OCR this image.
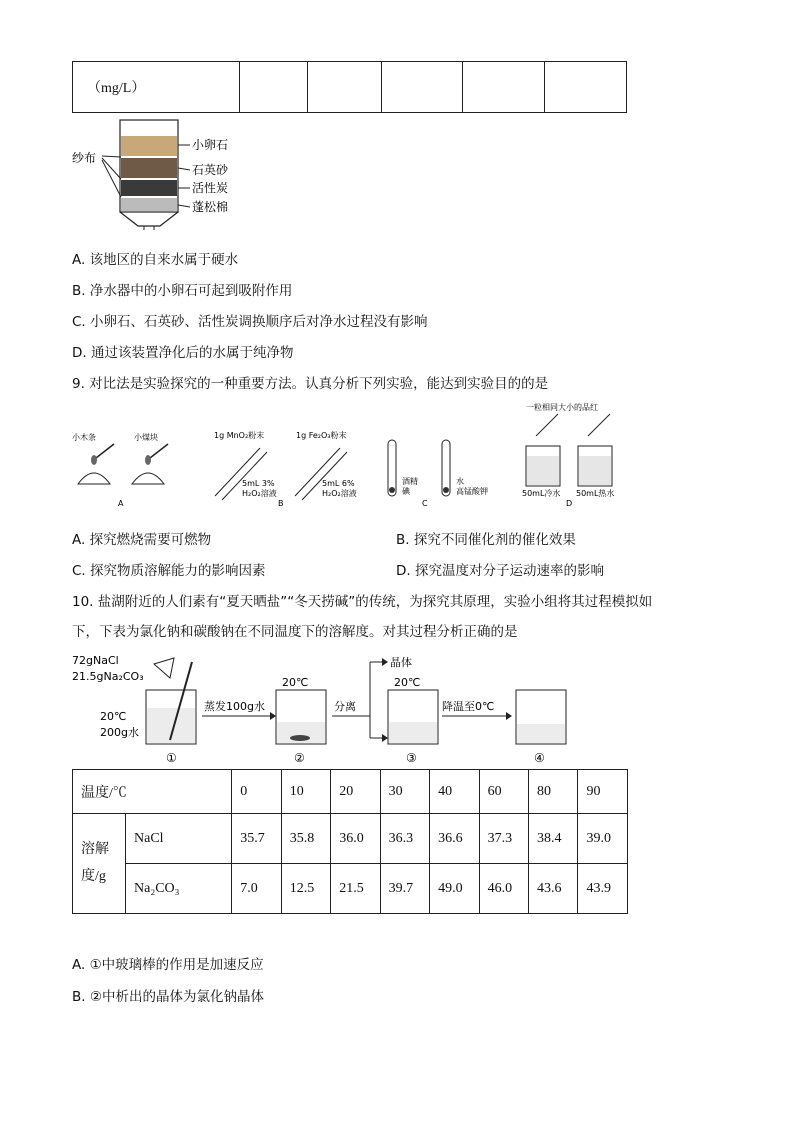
（mg/L）					
小卵石
石英砂
活性炭
蓬松棉
纱布
A. 该地区的自来水属于硬水
B. 净水器中的小卵石可起到吸附作用
C. 小卵石、石英砂、活性炭调换顺序后对净水过程没有影响
D. 通过该装置净化后的水属于纯净物
9. 对比法是实验探究的一种重要方法。认真分析下列实验，能达到实验目的的是
小木条	小煤块
A
1g MnO₂粉末	1g Fe₂O₃粉末
5mL 3%
H₂O₂溶液
5mL 6%
H₂O₂溶液
B
酒精
碘
水
高锰酸钾
C
一粒相同大小的品红
50mL冷水 50mL热水
D
A. 探究燃烧需要可燃物	B. 探究不同催化剂的催化效果
C. 探究物质溶解能力的影响因素	D. 探究温度对分子运动速率的影响
10. 盐湖附近的人们素有“夏天晒盐”“冬天捞碱”的传统，为探究其原理，实验小组将其过程模拟如
下，下表为氯化钠和碳酸钠在不同温度下的溶解度。对其过程分析正确的是
72gNaCl
21.5gNa₂CO₃
20℃
200g水
蒸发100g水
20℃
分离
晶体
20℃
降温至0℃
①	②	③	④
温度/℃		0	10	20	30	40	60	80	90

溶解
度/g	NaCl	35.7	35.8	36.0	36.3	36.6	37.3	38.4	39.0
	Na₂CO₃	7.0	12.5	21.5	39.7	49.0	46.0	43.6	43.9
A. ①中玻璃棒的作用是加速反应
B. ②中析出的晶体为氯化钠晶体
